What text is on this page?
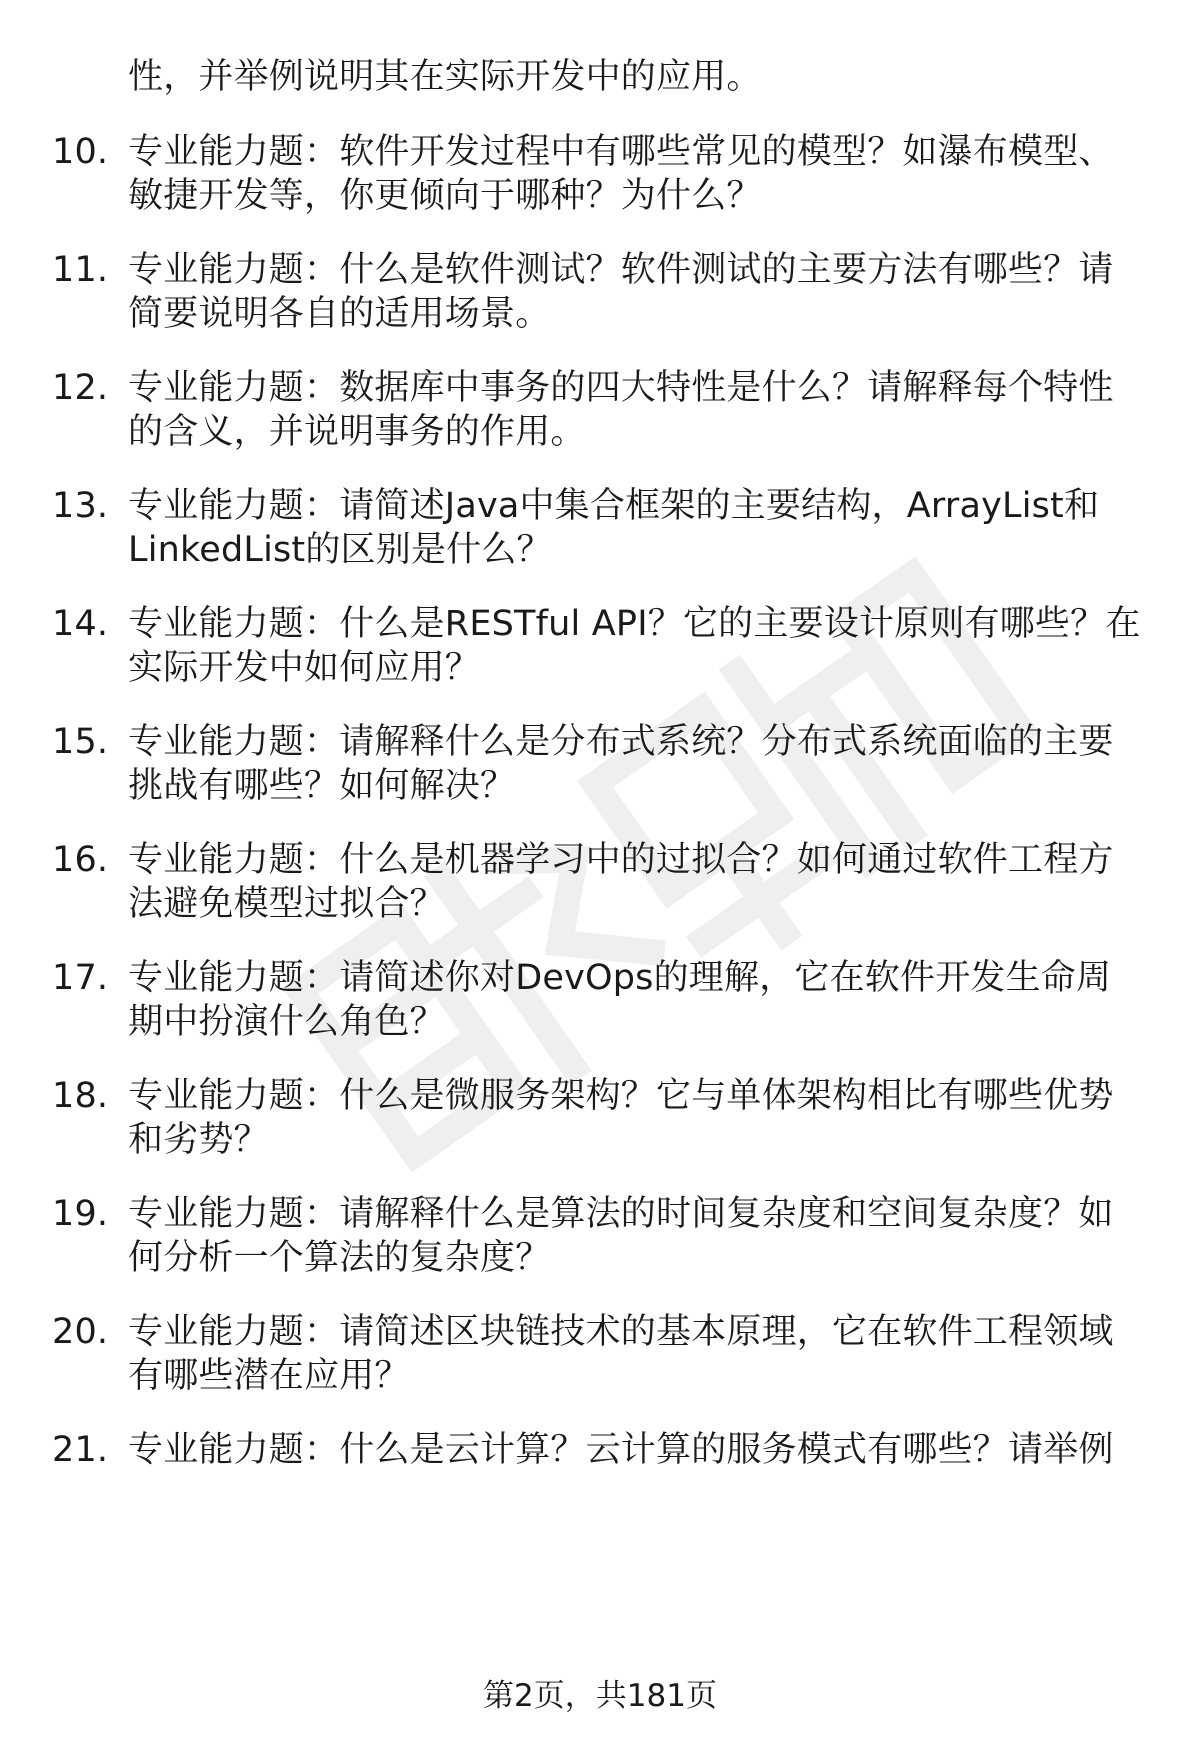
性，并举例说明其在实际开发中的应用。
10. 专业能力题：软件开发过程中有哪些常见的模型？如瀑布模型、
敏捷开发等，你更倾向于哪种？为什么？
11. 专业能力题：什么是软件测试？软件测试的主要方法有哪些？请
简要说明各自的适用场景。
12. 专业能力题：数据库中事务的四大特性是什么？请解释每个特性
的含义，并说明事务的作用。
13. 专业能力题：请简述Java中集合框架的主要结构，ArrayList和
LinkedList的区别是什么？
14. 专业能力题：什么是RESTful API？它的主要设计原则有哪些？在
实际开发中如何应用？
15. 专业能力题：请解释什么是分布式系统？分布式系统面临的主要
挑战有哪些？如何解决？
16. 专业能力题：什么是机器学习中的过拟合？如何通过软件工程方
法避免模型过拟合？
17. 专业能力题：请简述你对DevOps的理解，它在软件开发生命周
期中扮演什么角色？
18. 专业能力题：什么是微服务架构？它与单体架构相比有哪些优势
和劣势？
19. 专业能力题：请解释什么是算法的时间复杂度和空间复杂度？如
何分析一个算法的复杂度？
20. 专业能力题：请简述区块链技术的基本原理，它在软件工程领域
有哪些潜在应用？
21. 专业能力题：什么是云计算？云计算的服务模式有哪些？请举例
第2页，共181页
